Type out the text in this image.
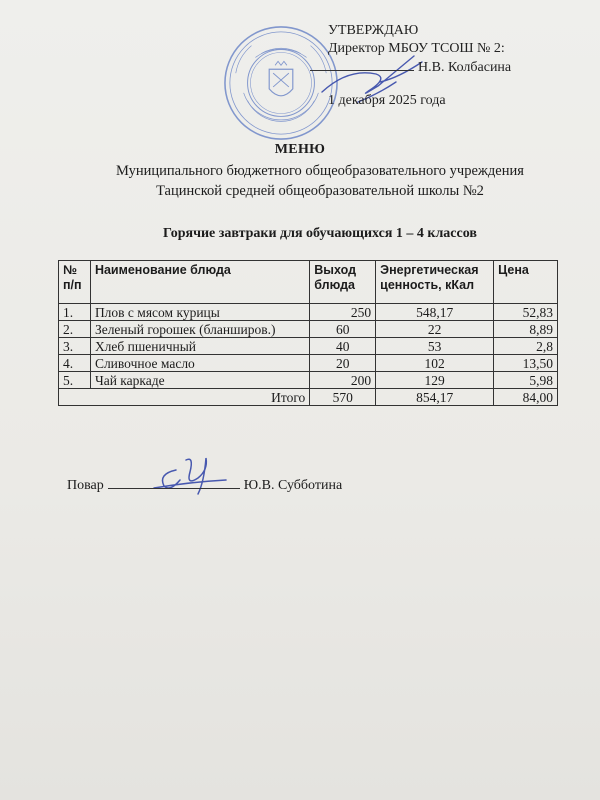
УТВЕРЖДАЮ
Директор МБОУ ТСОШ № 2:
Н.В. Колбасина
1 декабря 2025 года
МЕНЮ
Муниципального бюджетного общеобразовательного учреждения
Тацинской средней общеобразовательной школы №2
Горячие завтраки для обучающихся 1 – 4 классов
№ п/п	Наименование блюда	Выход блюда	Энергетическая ценность, кКал	Цена
1.	Плов с мясом курицы	250	548,17	52,83
2.	Зеленый горошек (бланширов.)	60	22	8,89
3.	Хлеб пшеничный	40	53	2,8
4.	Сливочное масло	20	102	13,50
5.	Чай каркаде	200	129	5,98
Итого		570	854,17	84,00
Повар	Ю.В. Субботина
